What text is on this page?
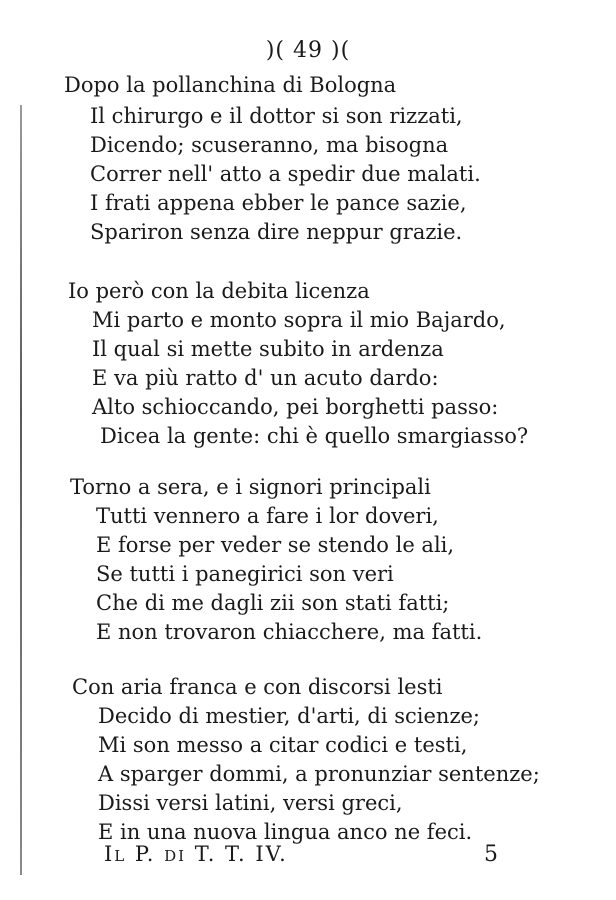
)( 49 )(
Dopo la pollanchina di Bologna
Il chirurgo e il dottor si son rizzati,
Dicendo; scuseranno, ma bisogna
Correr nell' atto a spedir due malati.
I frati appena ebber le pance sazie,
Spariron senza dire neppur grazie.
Io però con la debita licenza
Mi parto e monto sopra il mio Bajardo,
Il qual si mette subito in ardenza
E va più ratto d' un acuto dardo:
Alto schioccando, pei borghetti passo:
Dicea la gente: chi è quello smargiasso?
Torno a sera, e i signori principali
Tutti vennero a fare i lor doveri,
E forse per veder se stendo le ali,
Se tutti i panegirici son veri
Che di me dagli zii son stati fatti;
E non trovaron chiacchere, ma fatti.
Con aria franca e con discorsi lesti
Decido di mestier, d'arti, di scienze;
Mi son messo a citar codici e testi,
A sparger dommi, a pronunziar sentenze;
Dissi versi latini, versi greci,
E in una nuova lingua anco ne feci.
Il P. di T. T. IV.	5
